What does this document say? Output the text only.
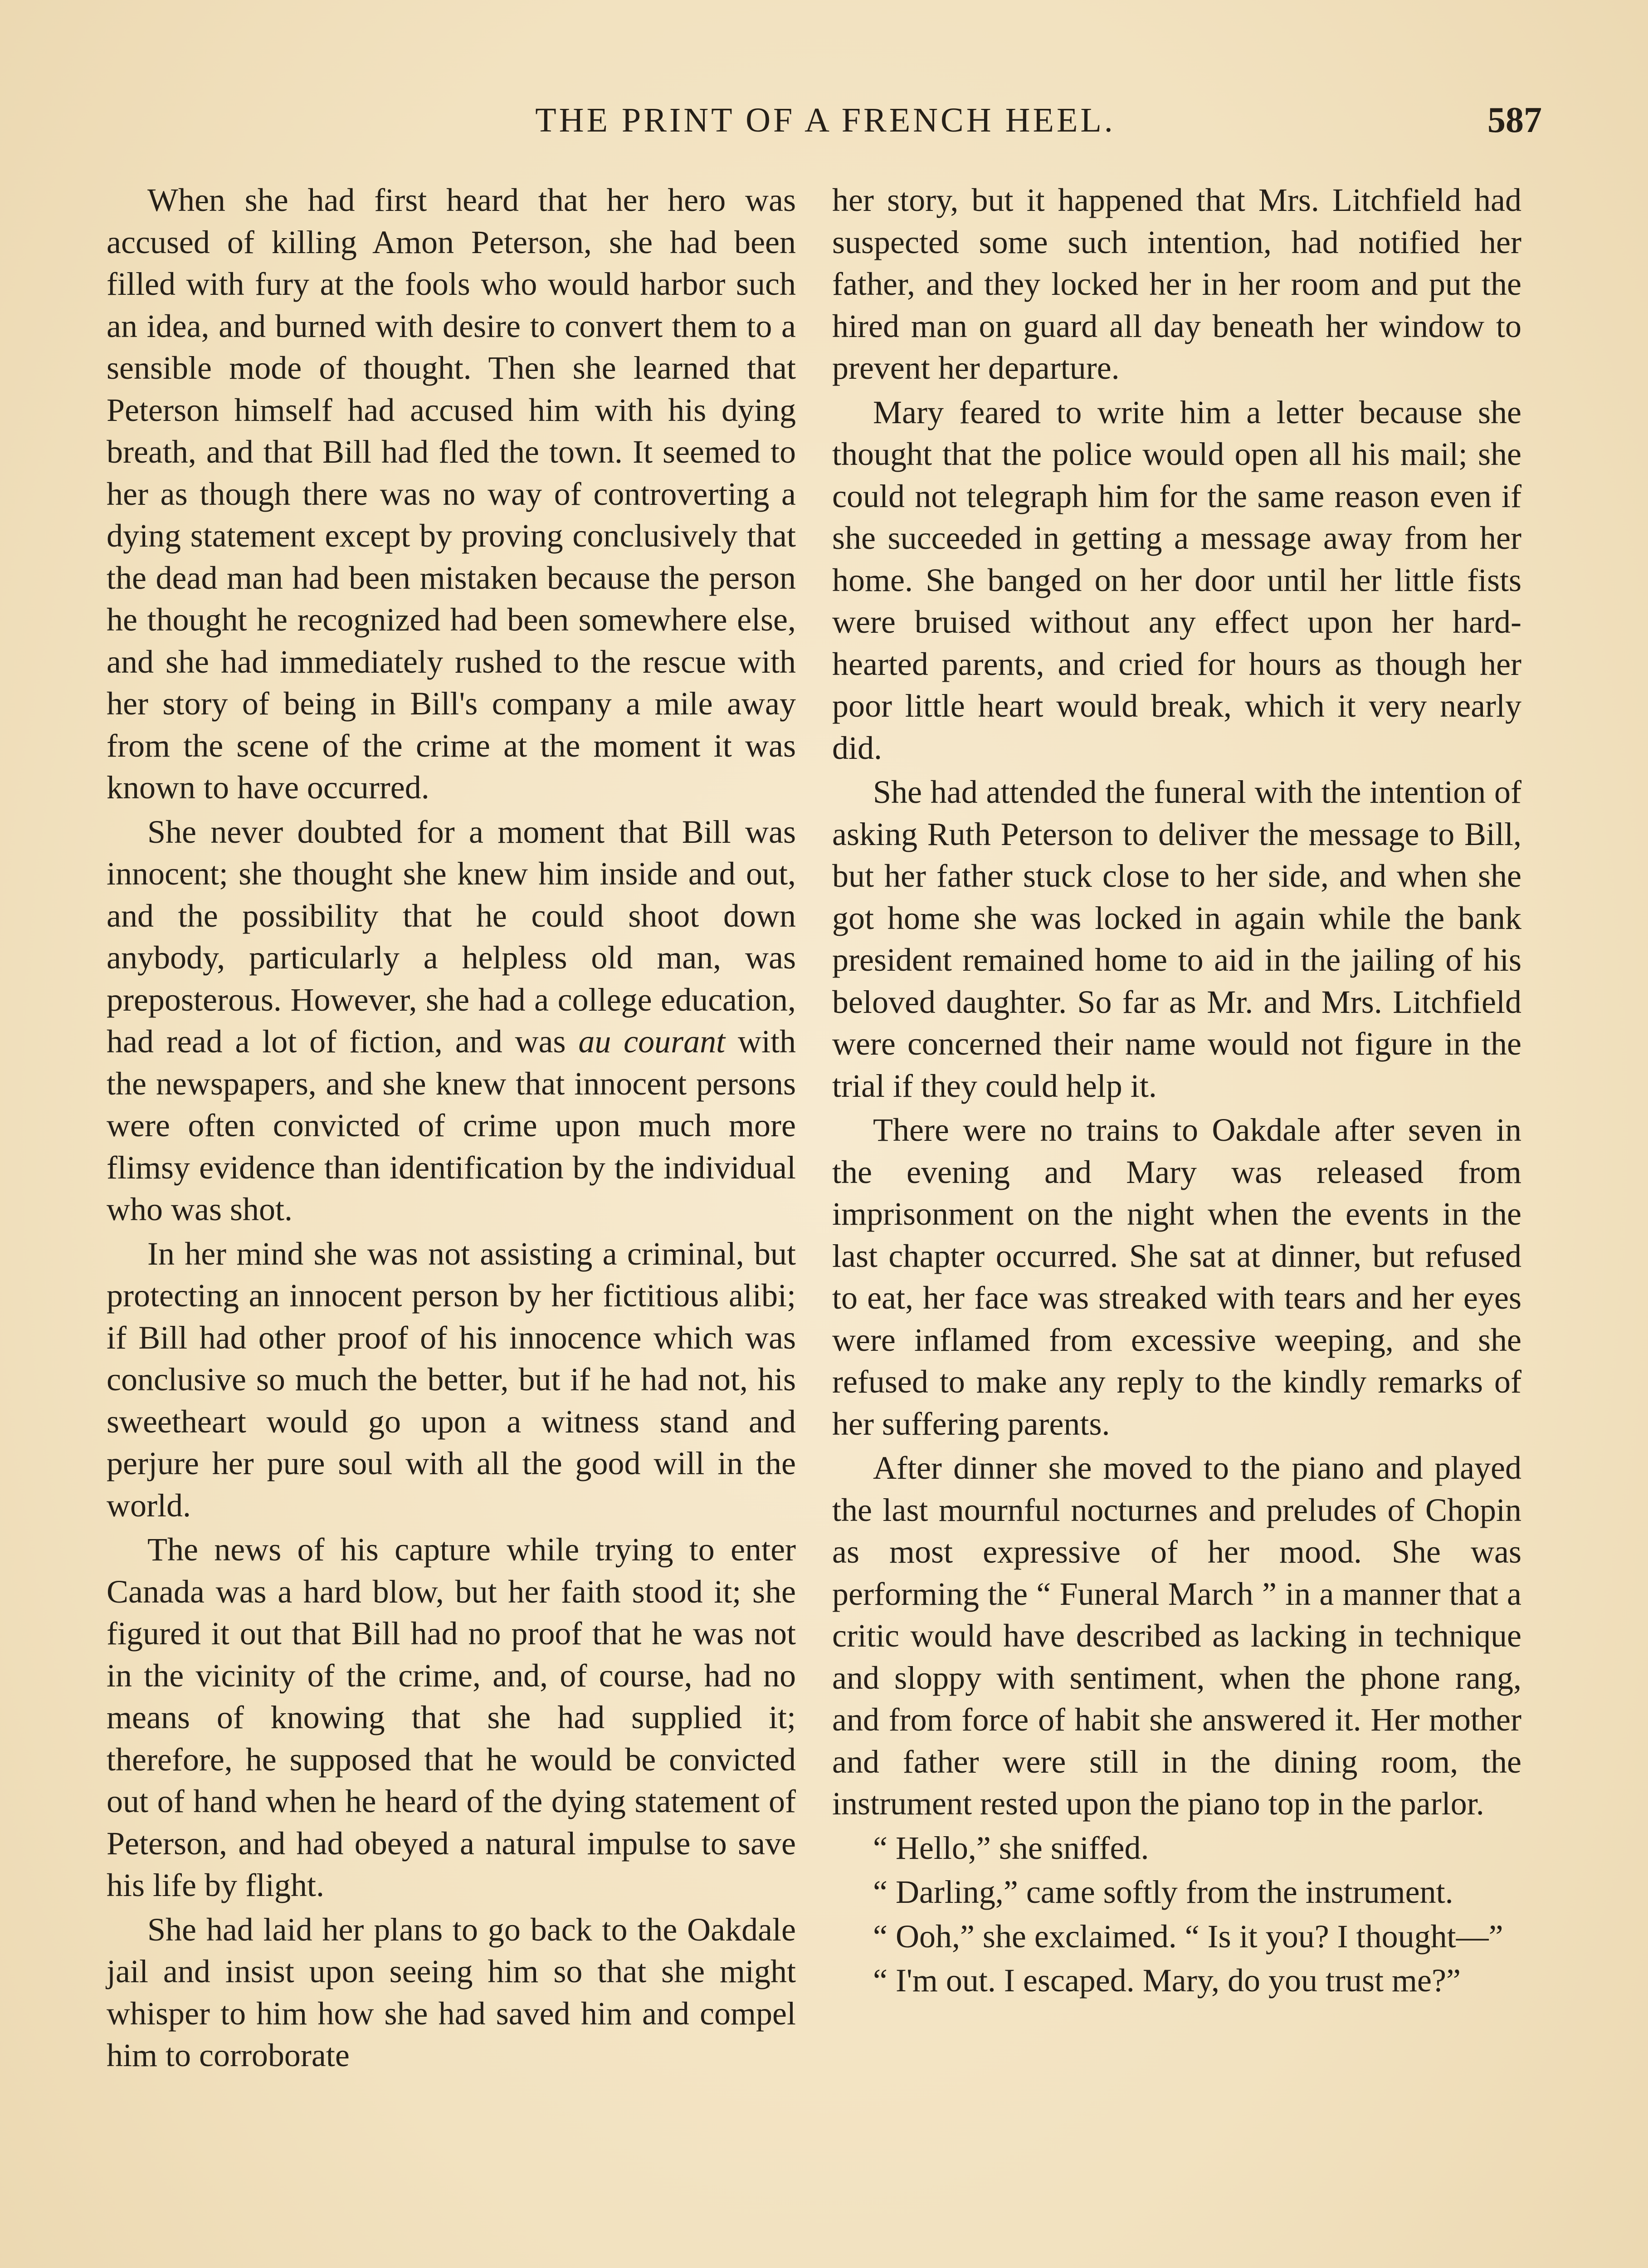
THE PRINT OF A FRENCH HEEL.	587

When she had first heard that her hero was accused of killing Amon Peterson, she had been filled with fury at the fools who would harbor such an idea, and burned with desire to convert them to a sensible mode of thought. Then she learned that Peterson himself had accused him with his dying breath, and that Bill had fled the town. It seemed to her as though there was no way of controverting a dying statement except by proving conclusively that the dead man had been mistaken because the person he thought he recognized had been somewhere else, and she had immediately rushed to the rescue with her story of being in Bill's company a mile away from the scene of the crime at the moment it was known to have occurred.

She never doubted for a moment that Bill was innocent; she thought she knew him inside and out, and the possibility that he could shoot down anybody, particularly a helpless old man, was preposterous. However, she had a college education, had read a lot of fiction, and was au courant with the newspapers, and she knew that innocent persons were often convicted of crime upon much more flimsy evidence than identification by the individual who was shot.

In her mind she was not assisting a criminal, but protecting an innocent person by her fictitious alibi; if Bill had other proof of his innocence which was conclusive so much the better, but if he had not, his sweetheart would go upon a witness stand and perjure her pure soul with all the good will in the world.

The news of his capture while trying to enter Canada was a hard blow, but her faith stood it; she figured it out that Bill had no proof that he was not in the vicinity of the crime, and, of course, had no means of knowing that she had supplied it; therefore, he supposed that he would be convicted out of hand when he heard of the dying statement of Peterson, and had obeyed a natural impulse to save his life by flight.

She had laid her plans to go back to the Oakdale jail and insist upon seeing him so that she might whisper to him how she had saved him and compel him to corroborate

her story, but it happened that Mrs. Litchfield had suspected some such intention, had notified her father, and they locked her in her room and put the hired man on guard all day beneath her window to prevent her departure.

Mary feared to write him a letter because she thought that the police would open all his mail; she could not telegraph him for the same reason even if she succeeded in getting a message away from her home. She banged on her door until her little fists were bruised without any effect upon her hard-hearted parents, and cried for hours as though her poor little heart would break, which it very nearly did.

She had attended the funeral with the intention of asking Ruth Peterson to deliver the message to Bill, but her father stuck close to her side, and when she got home she was locked in again while the bank president remained home to aid in the jailing of his beloved daughter. So far as Mr. and Mrs. Litchfield were concerned their name would not figure in the trial if they could help it.

There were no trains to Oakdale after seven in the evening and Mary was released from imprisonment on the night when the events in the last chapter occurred. She sat at dinner, but refused to eat, her face was streaked with tears and her eyes were inflamed from excessive weeping, and she refused to make any reply to the kindly remarks of her suffering parents.

After dinner she moved to the piano and played the last mournful nocturnes and preludes of Chopin as most expressive of her mood. She was performing the “ Funeral March ” in a manner that a critic would have described as lacking in technique and sloppy with sentiment, when the phone rang, and from force of habit she answered it. Her mother and father were still in the dining room, the instrument rested upon the piano top in the parlor.

“ Hello,” she sniffed.

“ Darling,” came softly from the instrument.

“ Ooh,” she exclaimed. “ Is it you? I thought—”

“ I'm out. I escaped. Mary, do you trust me?”
